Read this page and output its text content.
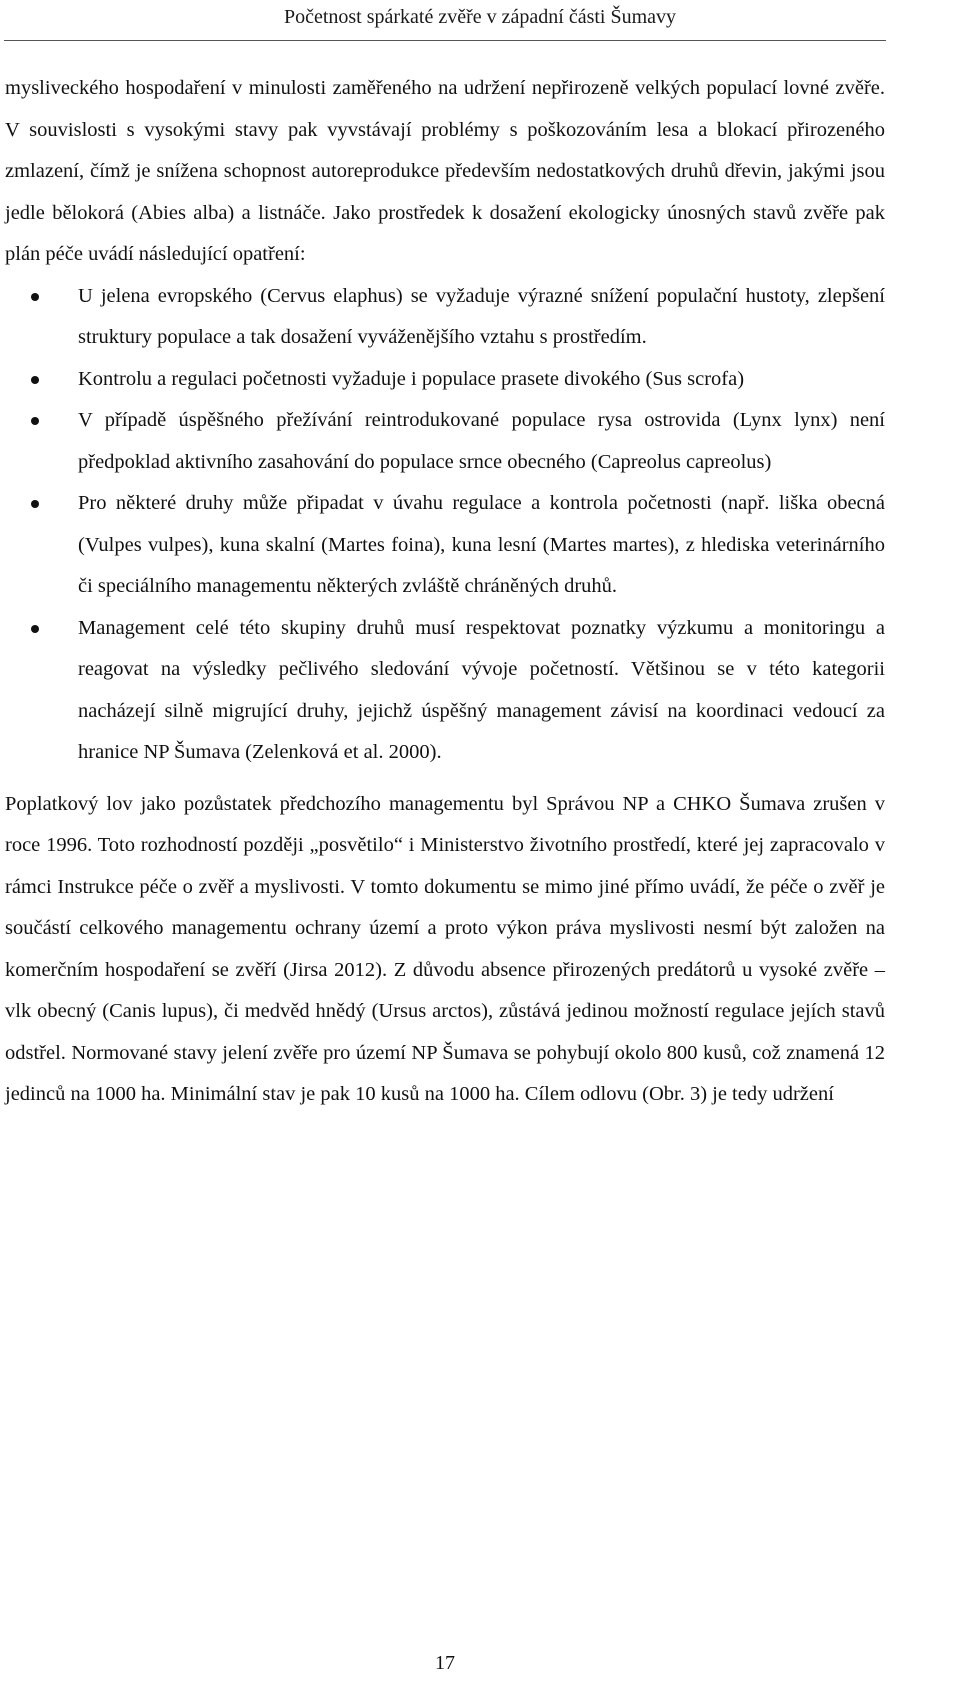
Početnost spárkaté zvěře v západní části Šumavy

mysliveckého hospodaření v minulosti zaměřeného na udržení nepřirozeně velkých populací lovné zvěře. V souvislosti s vysokými stavy pak vyvstávají problémy s poškozováním lesa a blokací přirozeného zmlazení, čímž je snížena schopnost autoreprodukce především nedostatkových druhů dřevin, jakými jsou jedle bělokorá (Abies alba) a listnáče. Jako prostředek k dosažení ekologicky únosných stavů zvěře pak plán péče uvádí následující opatření:

U jelena evropského (Cervus elaphus) se vyžaduje výrazné snížení populační hustoty, zlepšení struktury populace a tak dosažení vyváženějšího vztahu s prostředím.
Kontrolu a regulaci početnosti vyžaduje i populace prasete divokého (Sus scrofa)
V případě úspěšného přežívání reintrodukované populace rysa ostrovida (Lynx lynx) není předpoklad aktivního zasahování do populace srnce obecného (Capreolus capreolus)
Pro některé druhy může připadat v úvahu regulace a kontrola početnosti (např. liška obecná (Vulpes vulpes), kuna skalní (Martes foina), kuna lesní (Martes martes), z hlediska veterinárního či speciálního managementu některých zvláště chráněných druhů.
Management celé této skupiny druhů musí respektovat poznatky výzkumu a monitoringu a reagovat na výsledky pečlivého sledování vývoje početností. Většinou se v této kategorii nacházejí silně migrující druhy, jejichž úspěšný management závisí na koordinaci vedoucí za hranice NP Šumava (Zelenková et al. 2000).

Poplatkový lov jako pozůstatek předchozího managementu byl Správou NP a CHKO Šumava zrušen v roce 1996. Toto rozhodností později „posvětilo“ i Ministerstvo životního prostředí, které jej zapracovalo v rámci Instrukce péče o zvěř a myslivosti. V tomto dokumentu se mimo jiné přímo uvádí, že péče o zvěř je součástí celkového managementu ochrany území a proto výkon práva myslivosti nesmí být založen na komerčním hospodaření se zvěří (Jirsa 2012). Z důvodu absence přirozených predátorů u vysoké zvěře – vlk obecný (Canis lupus), či medvěd hnědý (Ursus arctos), zůstává jedinou možností regulace jejích stavů odstřel. Normované stavy jelení zvěře pro území NP Šumava se pohybují okolo 800 kusů, což znamená 12 jedinců na 1000 ha. Minimální stav je pak 10 kusů na 1000 ha. Cílem odlovu (Obr. 3) je tedy udržení

17
